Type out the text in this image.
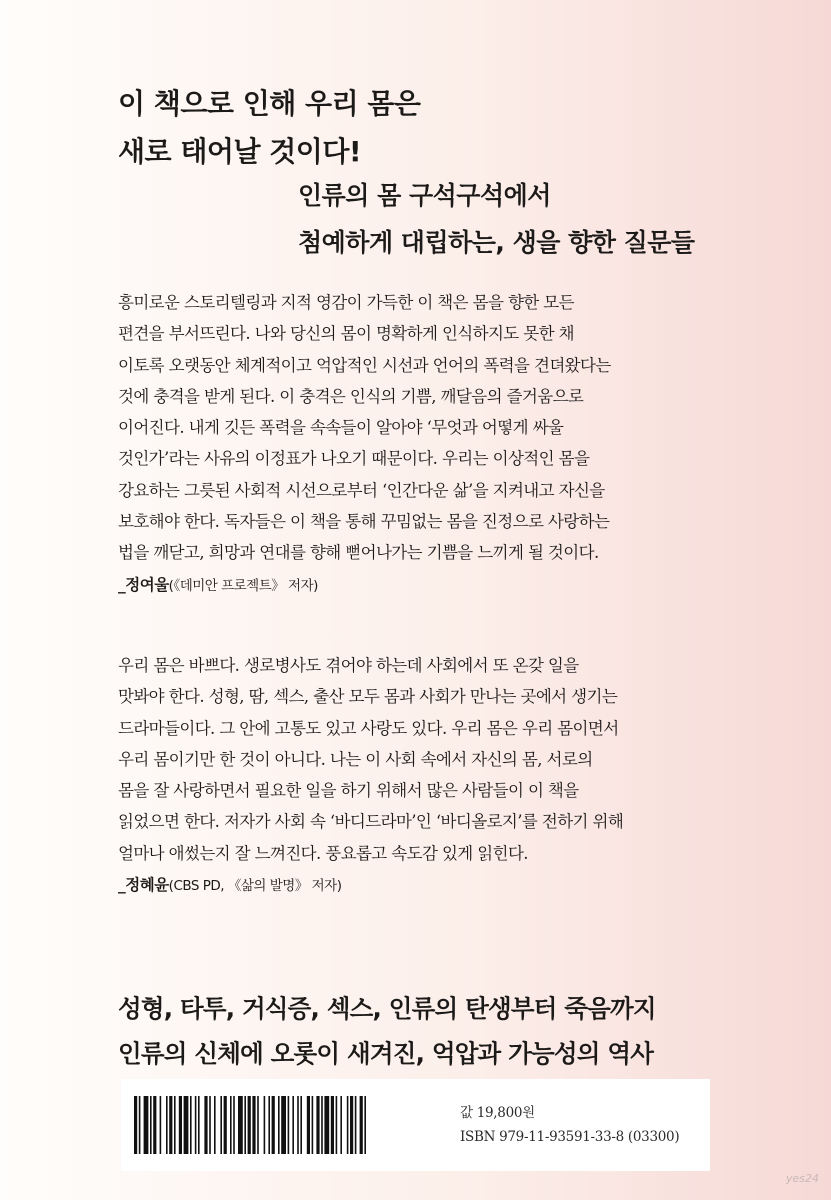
이 책으로 인해 우리 몸은
새로 태어날 것이다!
인류의 몸 구석구석에서
첨예하게 대립하는, 생을 향한 질문들
흥미로운 스토리텔링과 지적 영감이 가득한 이 책은 몸을 향한 모든
편견을 부서뜨린다. 나와 당신의 몸이 명확하게 인식하지도 못한 채
이토록 오랫동안 체계적이고 억압적인 시선과 언어의 폭력을 견뎌왔다는
것에 충격을 받게 된다. 이 충격은 인식의 기쁨, 깨달음의 즐거움으로
이어진다. 내게 깃든 폭력을 속속들이 알아야 ‘무엇과 어떻게 싸울
것인가’라는 사유의 이정표가 나오기 때문이다. 우리는 이상적인 몸을
강요하는 그릇된 사회적 시선으로부터 ‘인간다운 삶’을 지켜내고 자신을
보호해야 한다. 독자들은 이 책을 통해 꾸밈없는 몸을 진정으로 사랑하는
법을 깨닫고, 희망과 연대를 향해 뻗어나가는 기쁨을 느끼게 될 것이다.
_정여울(《데미안 프로젝트》 저자)
우리 몸은 바쁘다. 생로병사도 겪어야 하는데 사회에서 또 온갖 일을
맛봐야 한다. 성형, 땀, 섹스, 출산 모두 몸과 사회가 만나는 곳에서 생기는
드라마들이다. 그 안에 고통도 있고 사랑도 있다. 우리 몸은 우리 몸이면서
우리 몸이기만 한 것이 아니다. 나는 이 사회 속에서 자신의 몸, 서로의
몸을 잘 사랑하면서 필요한 일을 하기 위해서 많은 사람들이 이 책을
읽었으면 한다. 저자가 사회 속 ‘바디드라마’인 ‘바디올로지’를 전하기 위해
얼마나 애썼는지 잘 느껴진다. 풍요롭고 속도감 있게 읽힌다.
_정혜윤(CBS PD, 《삶의 발명》 저자)
성형, 타투, 거식증, 섹스, 인류의 탄생부터 죽음까지
인류의 신체에 오롯이 새겨진, 억압과 가능성의 역사
값 19,800원
ISBN 979-11-93591-33-8 (03300)
yes24
